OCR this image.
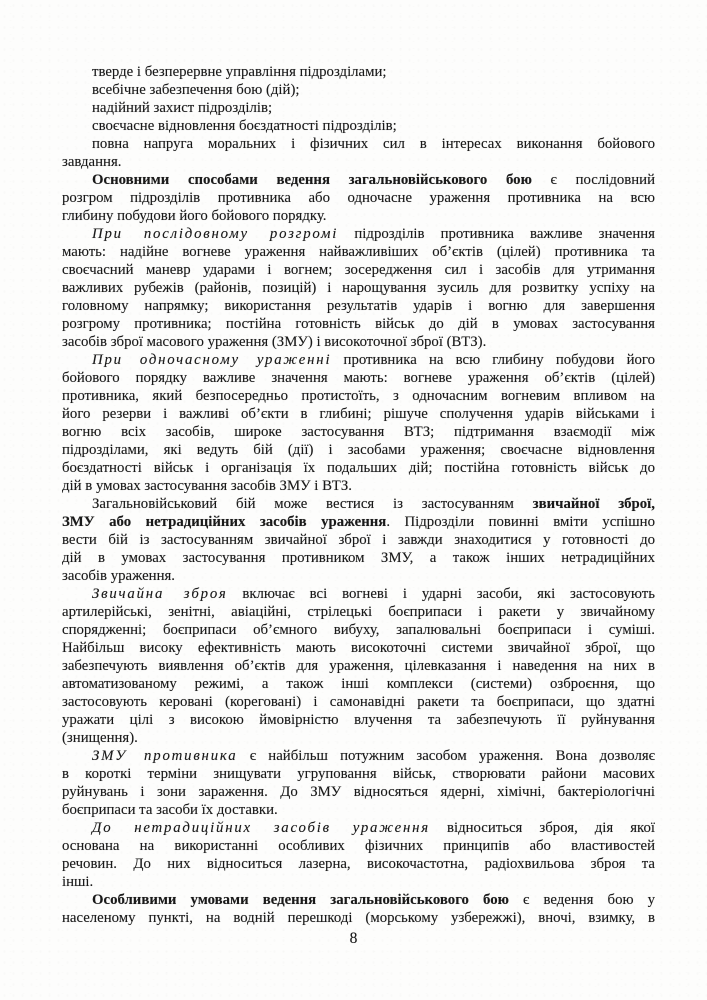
тверде і безперервне управління підрозділами;
всебічне забезпечення бою (дій);
надійний захист підрозділів;
своєчасне відновлення боєздатності підрозділів;
повна напруга моральних і фізичних сил в інтересах виконання бойового
завдання.
Основними способами ведення загальновійськового бою є послідовний
розгром підрозділів противника або одночасне ураження противника на всю
глибину побудови його бойового порядку.
При послідовному розгромі підрозділів противника важливе значення
мають: надійне вогневе ураження найважливіших об’єктів (цілей) противника та
своєчасний маневр ударами і вогнем; зосередження сил і засобів для утримання
важливих рубежів (районів, позицій) і нарощування зусиль для розвитку успіху на
головному напрямку; використання результатів ударів і вогню для завершення
розгрому противника; постійна готовність військ до дій в умовах застосування
засобів зброї масового ураження (ЗМУ) і високоточної зброї (ВТЗ).
При одночасному ураженні противника на всю глибину побудови його
бойового порядку важливе значення мають: вогневе ураження об’єктів (цілей)
противника, який безпосередньо протистоїть, з одночасним вогневим впливом на
його резерви і важливі об’єкти в глибині; рішуче сполучення ударів військами і
вогню всіх засобів, широке застосування ВТЗ; підтримання взаємодії між
підрозділами, які ведуть бій (дії) і засобами ураження; своєчасне відновлення
боєздатності військ і організація їх подальших дій; постійна готовність військ до
дій в умовах застосування засобів ЗМУ і ВТЗ.
Загальновійськовий бій може вестися із застосуванням звичайної зброї,
ЗМУ або нетрадиційних засобів ураження. Підрозділи повинні вміти успішно
вести бій із застосуванням звичайної зброї і завжди знаходитися у готовності до
дій в умовах застосування противником ЗМУ, а також інших нетрадиційних
засобів ураження.
Звичайна зброя включає всі вогневі і ударні засоби, які застосовують
артилерійські, зенітні, авіаційні, стрілецькі боєприпаси і ракети у звичайному
спорядженні; боєприпаси об’ємного вибуху, запалювальні боєприпаси і суміші.
Найбільш високу ефективність мають високоточні системи звичайної зброї, що
забезпечують виявлення об’єктів для ураження, цілевказання і наведення на них в
автоматизованому режимі, а також інші комплекси (системи) озброєння, що
застосовують керовані (кореговані) і самонавідні ракети та боєприпаси, що здатні
уражати цілі з високою ймовірністю влучення та забезпечують її руйнування
(знищення).
ЗМУ противника є найбільш потужним засобом ураження. Вона дозволяє
в короткі терміни знищувати угруповання військ, створювати райони масових
руйнувань і зони зараження. До ЗМУ відносяться ядерні, хімічні, бактеріологічні
боєприпаси та засоби їх доставки.
До нетрадиційних засобів ураження відноситься зброя, дія якої
основана на використанні особливих фізичних принципів або властивостей
речовин. До них відноситься лазерна, високочастотна, радіохвильова зброя та
інші.
Особливими умовами ведення загальновійськового бою є ведення бою у
населеному пункті, на водній перешкоді (морському узбережжі), вночі, взимку, в
8
